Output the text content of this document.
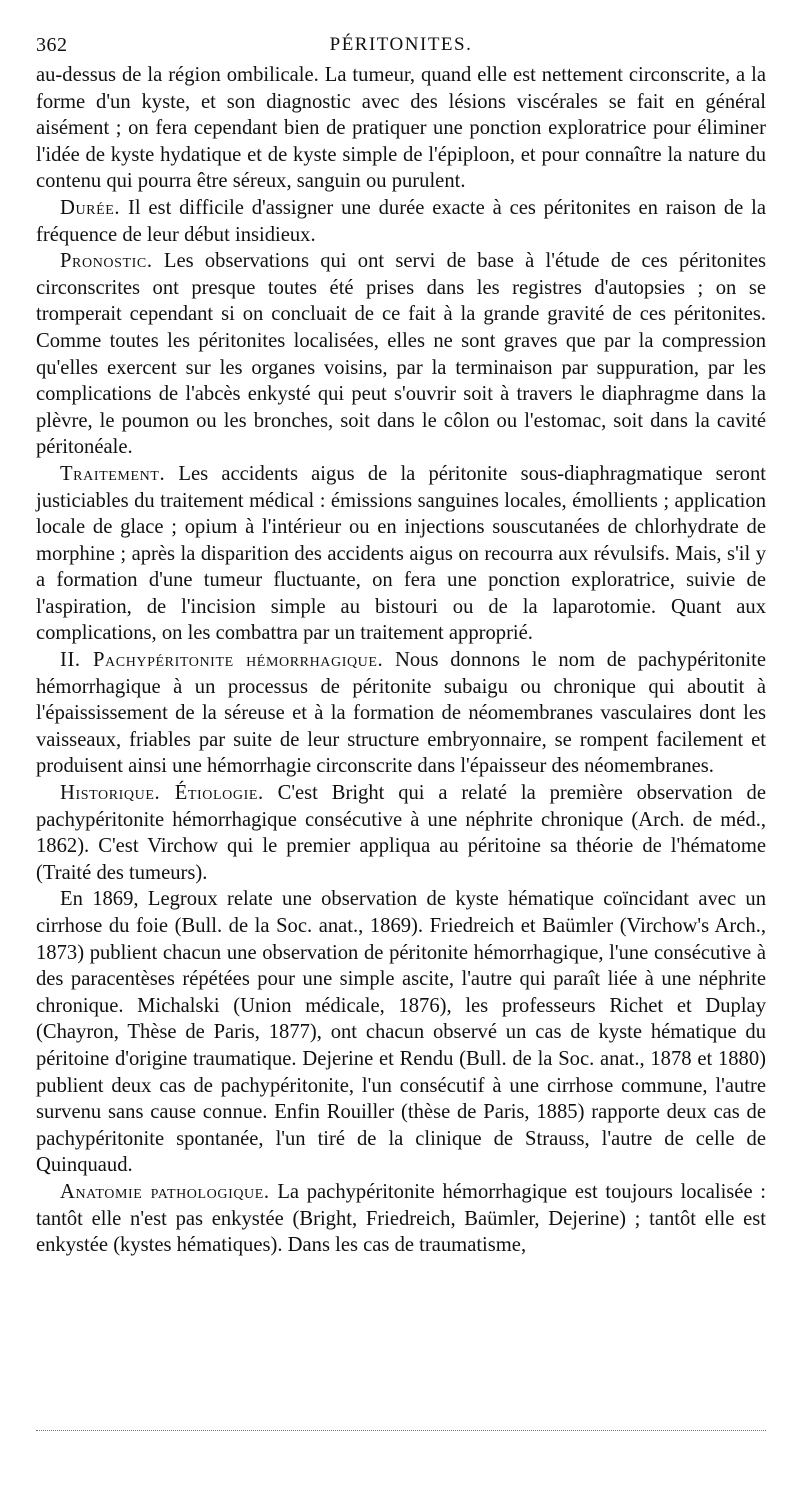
362	PÉRITONITES.

au-dessus de la région ombilicale. La tumeur, quand elle est nettement circonscrite, a la forme d'un kyste, et son diagnostic avec des lésions viscérales se fait en général aisément ; on fera cependant bien de pratiquer une ponction exploratrice pour éliminer l'idée de kyste hydatique et de kyste simple de l'épiploon, et pour connaître la nature du contenu qui pourra être séreux, sanguin ou purulent.

Durée. Il est difficile d'assigner une durée exacte à ces péritonites en raison de la fréquence de leur début insidieux.

Pronostic. Les observations qui ont servi de base à l'étude de ces péritonites circonscrites ont presque toutes été prises dans les registres d'autopsies ; on se tromperait cependant si on concluait de ce fait à la grande gravité de ces péritonites. Comme toutes les péritonites localisées, elles ne sont graves que par la compression qu'elles exercent sur les organes voisins, par la terminaison par suppuration, par les complications de l'abcès enkysté qui peut s'ouvrir soit à travers le diaphragme dans la plèvre, le poumon ou les bronches, soit dans le côlon ou l'estomac, soit dans la cavité péritonéale.

Traitement. Les accidents aigus de la péritonite sous-diaphragmatique seront justiciables du traitement médical : émissions sanguines locales, émollients ; application locale de glace ; opium à l'intérieur ou en injections souscutanées de chlorhydrate de morphine ; après la disparition des accidents aigus on recourra aux révulsifs. Mais, s'il y a formation d'une tumeur fluctuante, on fera une ponction exploratrice, suivie de l'aspiration, de l'incision simple au bistouri ou de la laparotomie. Quant aux complications, on les combattra par un traitement approprié.

II. Pachypéritonite hémorrhagique. Nous donnons le nom de pachypéritonite hémorrhagique à un processus de péritonite subaigu ou chronique qui aboutit à l'épaississement de la séreuse et à la formation de néomembranes vasculaires dont les vaisseaux, friables par suite de leur structure embryonnaire, se rompent facilement et produisent ainsi une hémorrhagie circonscrite dans l'épaisseur des néomembranes.

Historique. Étiologie. C'est Bright qui a relaté la première observation de pachypéritonite hémorrhagique consécutive à une néphrite chronique (Arch. de méd., 1862). C'est Virchow qui le premier appliqua au péritoine sa théorie de l'hématome (Traité des tumeurs).

En 1869, Legroux relate une observation de kyste hématique coïncidant avec un cirrhose du foie (Bull. de la Soc. anat., 1869). Friedreich et Baümler (Virchow's Arch., 1873) publient chacun une observation de péritonite hémorrhagique, l'une consécutive à des paracentèses répétées pour une simple ascite, l'autre qui paraît liée à une néphrite chronique. Michalski (Union médicale, 1876), les professeurs Richet et Duplay (Chayron, Thèse de Paris, 1877), ont chacun observé un cas de kyste hématique du péritoine d'origine traumatique. Dejerine et Rendu (Bull. de la Soc. anat., 1878 et 1880) publient deux cas de pachypéritonite, l'un consécutif à une cirrhose commune, l'autre survenu sans cause connue. Enfin Rouiller (thèse de Paris, 1885) rapporte deux cas de pachypéritonite spontanée, l'un tiré de la clinique de Strauss, l'autre de celle de Quinquaud.

Anatomie pathologique. La pachypéritonite hémorrhagique est toujours localisée : tantôt elle n'est pas enkystée (Bright, Friedreich, Baümler, Dejerine) ; tantôt elle est enkystée (kystes hématiques). Dans les cas de traumatisme,
